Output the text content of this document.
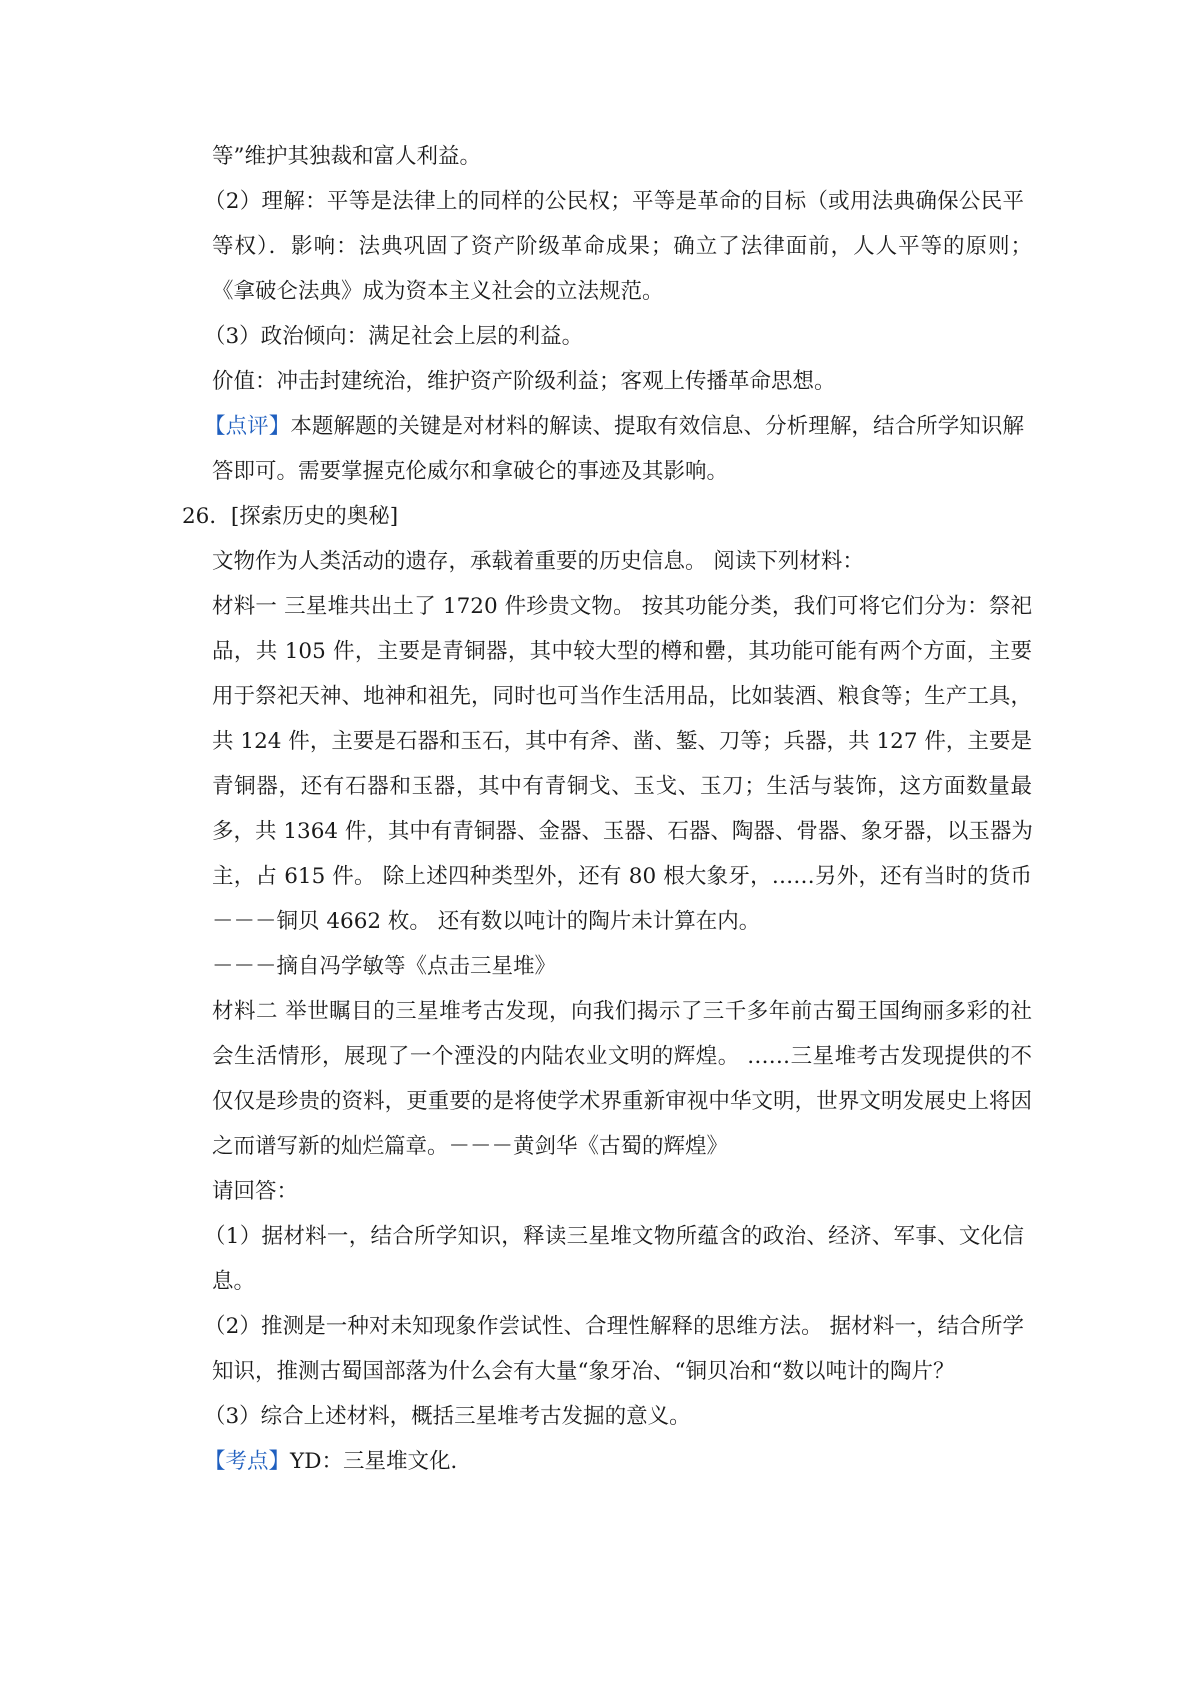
等”维护其独裁和富人利益。
（2）理解：平等是法律上的同样的公民权；平等是革命的目标（或用法典确保公民平
等权）．影响：法典巩固了资产阶级革命成果；确立了法律面前，人人平等的原则；
《拿破仑法典》成为资本主义社会的立法规范。
（3）政治倾向：满足社会上层的利益。
价值：冲击封建统治，维护资产阶级利益；客观上传播革命思想。
【点评】本题解题的关键是对材料的解读、提取有效信息、分析理解，结合所学知识解
答即可。需要掌握克伦威尔和拿破仑的事迹及其影响。
26．[探索历史的奥秘]
文物作为人类活动的遗存，承载着重要的历史信息。 阅读下列材料：
材料一 三星堆共出土了 1720 件珍贵文物。 按其功能分类，我们可将它们分为：祭祀
品，共 105 件，主要是青铜器，其中较大型的樽和罍，其功能可能有两个方面，主要
用于祭祀天神、地神和祖先，同时也可当作生活用品，比如装酒、粮食等；生产工具，
共 124 件，主要是石器和玉石，其中有斧、凿、錾、刀等；兵器，共 127 件，主要是
青铜器，还有石器和玉器，其中有青铜戈、玉戈、玉刀；生活与装饰，这方面数量最
多，共 1364 件，其中有青铜器、金器、玉器、石器、陶器、骨器、象牙器，以玉器为
主，占 615 件。 除上述四种类型外，还有 80 根大象牙，……另外，还有当时的货币
－－－铜贝 4662 枚。 还有数以吨计的陶片未计算在内。
－－－摘自冯学敏等《点击三星堆》
材料二 举世瞩目的三星堆考古发现，向我们揭示了三千多年前古蜀王国绚丽多彩的社
会生活情形，展现了一个湮没的内陆农业文明的辉煌。 ……三星堆考古发现提供的不
仅仅是珍贵的资料，更重要的是将使学术界重新审视中华文明，世界文明发展史上将因
之而谱写新的灿烂篇章。－－－黄剑华《古蜀的辉煌》
请回答：
（1）据材料一，结合所学知识，释读三星堆文物所蕴含的政治、经济、军事、文化信
息。
（2）推测是一种对未知现象作尝试性、合理性解释的思维方法。 据材料一，结合所学
知识，推测古蜀国部落为什么会有大量“象牙冶、“铜贝冶和“数以吨计的陶片？
（3）综合上述材料，概括三星堆考古发掘的意义。
【考点】YD：三星堆文化．
